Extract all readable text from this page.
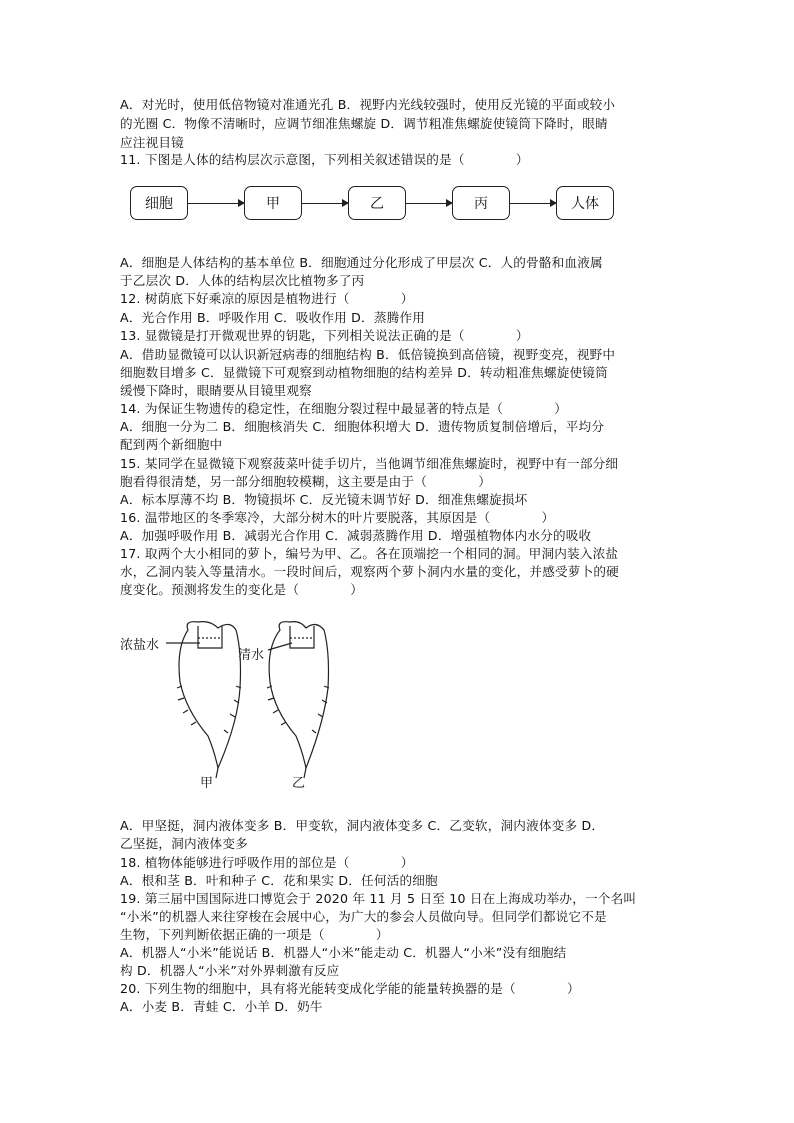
A．对光时，使用低倍物镜对准通光孔 B．视野内光线较强时，使用反光镜的平面或较小
的光圈 C．物像不清晰时，应调节细准焦螺旋 D．调节粗准焦螺旋使镜筒下降时，眼睛
应注视目镜
11. 下图是人体的结构层次示意图，下列相关叙述错误的是（　　　　）
细胞	甲	乙	丙	人体
A．细胞是人体结构的基本单位 B．细胞通过分化形成了甲层次 C．人的骨骼和血液属
于乙层次 D．人体的结构层次比植物多了丙
12. 树荫底下好乘凉的原因是植物进行（　　　　）
A．光合作用 B．呼吸作用 C．吸收作用 D．蒸腾作用
13. 显微镜是打开微观世界的钥匙，下列相关说法正确的是（　　　　）
A．借助显微镜可以认识新冠病毒的细胞结构 B．低倍镜换到高倍镜，视野变亮，视野中
细胞数目增多 C．显微镜下可观察到动植物细胞的结构差异 D．转动粗准焦螺旋使镜筒
缓慢下降时，眼睛要从目镜里观察
14. 为保证生物遗传的稳定性，在细胞分裂过程中最显著的特点是（　　　　）
A．细胞一分为二 B．细胞核消失 C．细胞体积增大 D．遗传物质复制倍增后，平均分
配到两个新细胞中
15. 某同学在显微镜下观察菠菜叶徒手切片，当他调节细准焦螺旋时，视野中有一部分细
胞看得很清楚，另一部分细胞较模糊，这主要是由于（　　　　）
A．标本厚薄不均 B．物镜损坏 C．反光镜未调节好 D．细准焦螺旋损坏
16. 温带地区的冬季寒冷，大部分树木的叶片要脱落，其原因是（　　　　）
A．加强呼吸作用 B．减弱光合作用 C．减弱蒸腾作用 D．增强植物体内水分的吸收
17. 取两个大小相同的萝卜，编号为甲、乙。各在顶端挖一个相同的洞。甲洞内装入浓盐
水，乙洞内装入等量清水。一段时间后，观察两个萝卜洞内水量的变化，并感受萝卜的硬
度变化。预测将发生的变化是（　　　　）
浓盐水
清水
甲	乙
A．甲坚挺，洞内液体变多 B．甲变软，洞内液体变多 C．乙变软，洞内液体变多 D．
乙坚挺，洞内液体变多
18. 植物体能够进行呼吸作用的部位是（　　　　）
A．根和茎 B．叶和种子 C．花和果实 D．任何活的细胞
19. 第三届中国国际进口博览会于 2020 年 11 月 5 日至 10 日在上海成功举办，一个名叫
“小米”的机器人来往穿梭在会展中心，为广大的参会人员做向导。但同学们都说它不是
生物，下列判断依据正确的一项是（　　　　）
A．机器人“小米”能说话 B．机器人“小米”能走动 C．机器人“小米”没有细胞结
构 D．机器人“小米”对外界刺激有反应
20. 下列生物的细胞中，具有将光能转变成化学能的能量转换器的是（　　　　）
A．小麦 B．青蛙 C．小羊 D．奶牛
